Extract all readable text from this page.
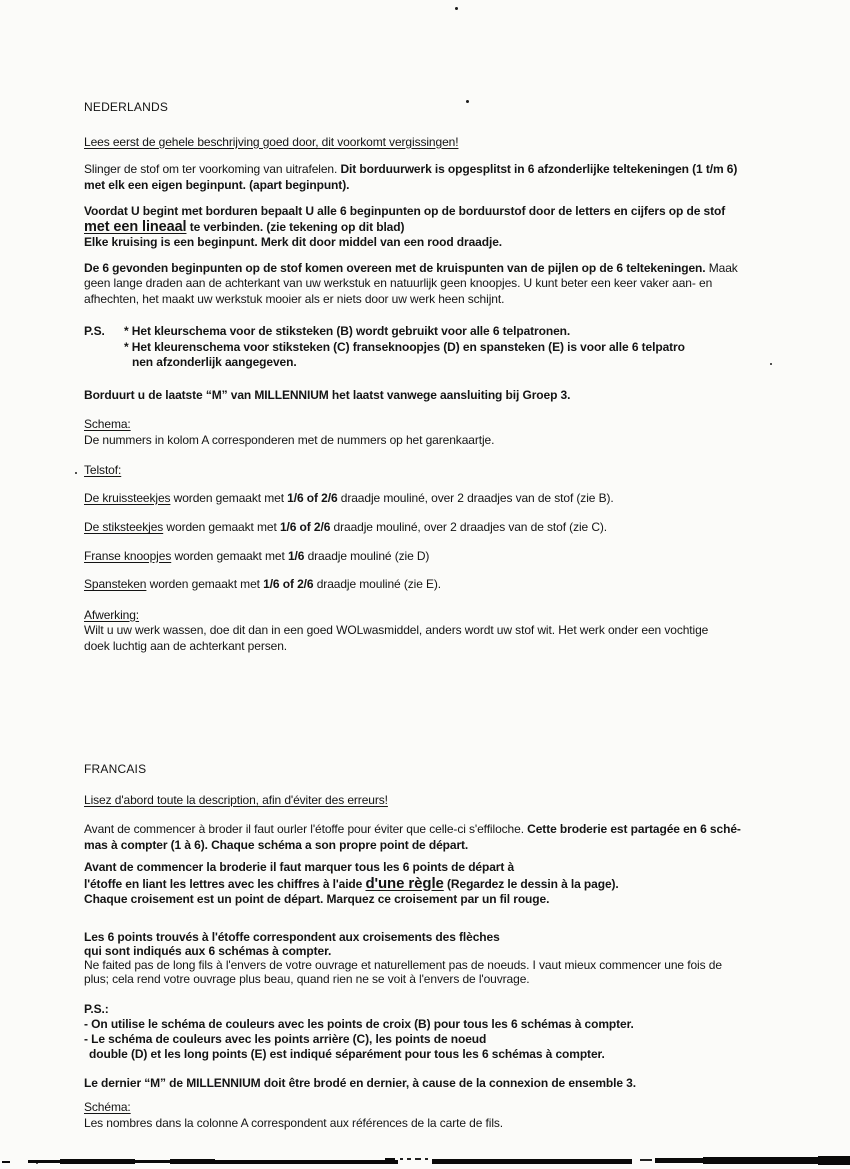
NEDERLANDS

Lees eerst de gehele beschrijving goed door, dit voorkomt vergissingen!

Slinger de stof om ter voorkoming van uitrafelen. Dit borduurwerk is opgesplitst in 6 afzonderlijke teltekeningen (1 t/m 6)
met elk een eigen beginpunt. (apart beginpunt).

Voordat U begint met borduren bepaalt U alle 6 beginpunten op de borduurstof door de letters en cijfers op de stof
met een lineaal te verbinden. (zie tekening op dit blad)
Elke kruising is een beginpunt. Merk dit door middel van een rood draadje.

De 6 gevonden beginpunten op de stof komen overeen met de kruispunten van de pijlen op de 6 teltekeningen. Maak
geen lange draden aan de achterkant van uw werkstuk en natuurlijk geen knoopjes. U kunt beter een keer vaker aan- en
afhechten, het maakt uw werkstuk mooier als er niets door uw werk heen schijnt.

P.S.	* Het kleurschema voor de stiksteken (B) wordt gebruikt voor alle 6 telpatronen.
* Het kleurenschema voor stiksteken (C) franseknoopjes (D) en spansteken (E) is voor alle 6 telpatro
nen afzonderlijk aangegeven.

Borduurt u de laatste “M” van MILLENNIUM het laatst vanwege aansluiting bij Groep 3.

Schema:
De nummers in kolom A corresponderen met de nummers op het garenkaartje.

Telstof:

De kruissteekjes worden gemaakt met 1/6 of 2/6 draadje mouliné, over 2 draadjes van de stof (zie B).

De stiksteekjes worden gemaakt met 1/6 of 2/6 draadje mouliné, over 2 draadjes van de stof (zie C).

Franse knoopjes worden gemaakt met 1/6 draadje mouliné (zie D)

Spansteken worden gemaakt met 1/6 of 2/6 draadje mouliné (zie E).

Afwerking:
Wilt u uw werk wassen, doe dit dan in een goed WOLwasmiddel, anders wordt uw stof wit. Het werk onder een vochtige
doek luchtig aan de achterkant persen.

FRANCAIS

Lisez d'abord toute la description, afin d'éviter des erreurs!

Avant de commencer à broder il faut ourler l'étoffe pour éviter que celle-ci s'effiloche. Cette broderie est partagée en 6 sché-
mas à compter (1 à 6). Chaque schéma a son propre point de départ.

Avant de commencer la broderie il faut marquer tous les 6 points de départ à
l'étoffe en liant les lettres avec les chiffres à l'aide d'une règle (Regardez le dessin à la page).
Chaque croisement est un point de départ. Marquez ce croisement par un fil rouge.

Les 6 points trouvés à l'étoffe correspondent aux croisements des flèches
qui sont indiqués aux 6 schémas à compter.
Ne faited pas de long fils à l'envers de votre ouvrage et naturellement pas de noeuds. I vaut mieux commencer une fois de
plus; cela rend votre ouvrage plus beau, quand rien ne se voit à l'envers de l'ouvrage.

P.S.:
- On utilise le schéma de couleurs avec les points de croix (B) pour tous les 6 schémas à compter.
- Le schéma de couleurs avec les points arrière (C), les points de noeud
double (D) et les long points (E) est indiqué séparément pour tous les 6 schémas à compter.

Le dernier “M” de MILLENNIUM doit être brodé en dernier, à cause de la connexion de ensemble 3.

Schéma:
Les nombres dans la colonne A correspondent aux références de la carte de fils.
